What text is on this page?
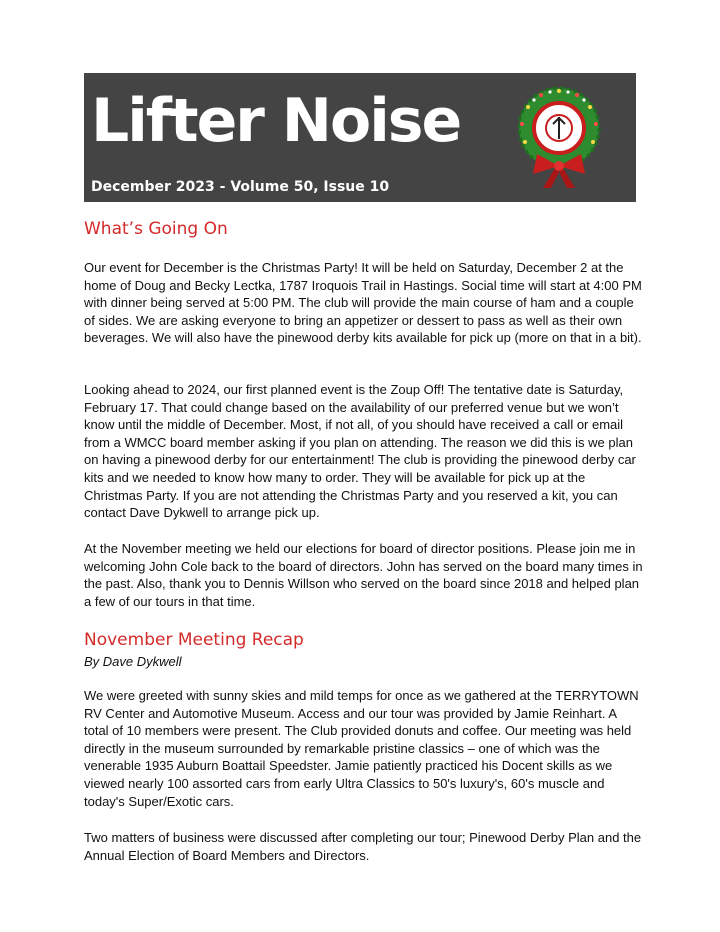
Lifter Noise
December 2023 - Volume 50, Issue 10
What’s Going On
Our event for December is the Christmas Party! It will be held on Saturday, December 2 at the home of Doug and Becky Lectka, 1787 Iroquois Trail in Hastings. Social time will start at 4:00 PM with dinner being served at 5:00 PM. The club will provide the main course of ham and a couple of sides. We are asking everyone to bring an appetizer or dessert to pass as well as their own beverages. We will also have the pinewood derby kits available for pick up (more on that in a bit).
Looking ahead to 2024, our first planned event is the Zoup Off! The tentative date is Saturday, February 17. That could change based on the availability of our preferred venue but we won’t know until the middle of December. Most, if not all, of you should have received a call or email from a WMCC board member asking if you plan on attending. The reason we did this is we plan on having a pinewood derby for our entertainment! The club is providing the pinewood derby car kits and we needed to know how many to order. They will be available for pick up at the Christmas Party. If you are not attending the Christmas Party and you reserved a kit, you can contact Dave Dykwell to arrange pick up.
At the November meeting we held our elections for board of director positions. Please join me in welcoming John Cole back to the board of directors. John has served on the board many times in the past. Also, thank you to Dennis Willson who served on the board since 2018 and helped plan a few of our tours in that time.
November Meeting Recap
By Dave Dykwell
We were greeted with sunny skies and mild temps for once as we gathered at the TERRYTOWN RV Center and Automotive Museum. Access and our tour was provided by Jamie Reinhart. A total of 10 members were present. The Club provided donuts and coffee. Our meeting was held directly in the museum surrounded by remarkable pristine classics – one of which was the venerable 1935 Auburn Boattail Speedster. Jamie patiently practiced his Docent skills as we viewed nearly 100 assorted cars from early Ultra Classics to 50's luxury's, 60's muscle and today's Super/Exotic cars.
Two matters of business were discussed after completing our tour; Pinewood Derby Plan and the Annual Election of Board Members and Directors.
